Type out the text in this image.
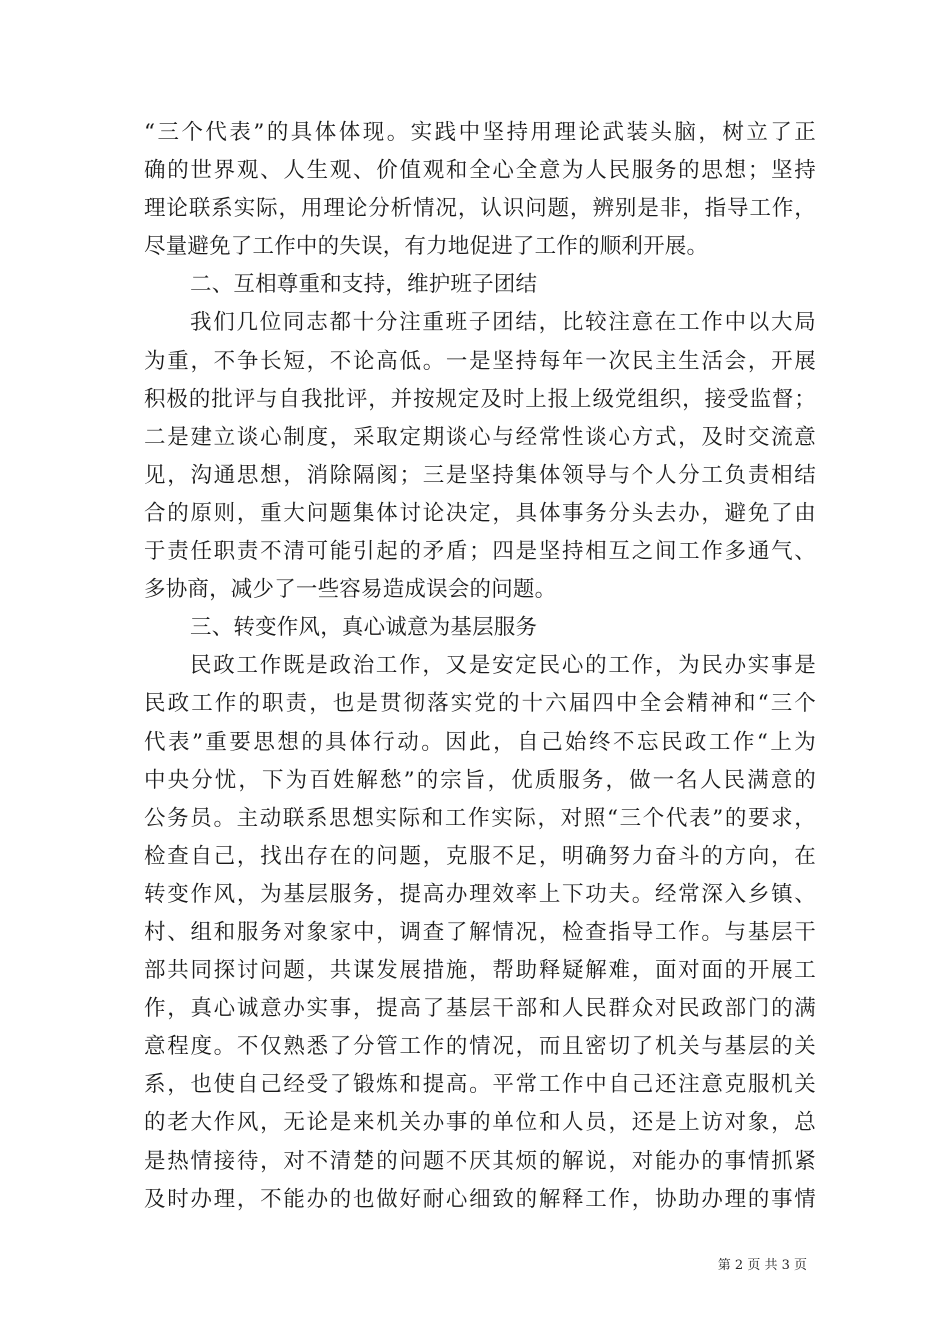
“三个代表”的具体体现。实践中坚持用理论武装头脑，树立了正
确的世界观、人生观、价值观和全心全意为人民服务的思想；坚持
理论联系实际，用理论分析情况，认识问题，辨别是非，指导工作，
尽量避免了工作中的失误，有力地促进了工作的顺利开展。
二、互相尊重和支持，维护班子团结
我们几位同志都十分注重班子团结，比较注意在工作中以大局
为重，不争长短，不论高低。一是坚持每年一次民主生活会，开展
积极的批评与自我批评，并按规定及时上报上级党组织，接受监督；
二是建立谈心制度，采取定期谈心与经常性谈心方式，及时交流意
见，沟通思想，消除隔阂；三是坚持集体领导与个人分工负责相结
合的原则，重大问题集体讨论决定，具体事务分头去办，避免了由
于责任职责不清可能引起的矛盾；四是坚持相互之间工作多通气、
多协商，减少了一些容易造成误会的问题。
三、转变作风，真心诚意为基层服务
民政工作既是政治工作，又是安定民心的工作，为民办实事是
民政工作的职责，也是贯彻落实党的十六届四中全会精神和“三个
代表”重要思想的具体行动。因此，自己始终不忘民政工作“上为
中央分忧，下为百姓解愁”的宗旨，优质服务，做一名人民满意的
公务员。主动联系思想实际和工作实际，对照“三个代表”的要求，
检查自己，找出存在的问题，克服不足，明确努力奋斗的方向，在
转变作风，为基层服务，提高办理效率上下功夫。经常深入乡镇、
村、组和服务对象家中，调查了解情况，检查指导工作。与基层干
部共同探讨问题，共谋发展措施，帮助释疑解难，面对面的开展工
作，真心诚意办实事，提高了基层干部和人民群众对民政部门的满
意程度。不仅熟悉了分管工作的情况，而且密切了机关与基层的关
系，也使自己经受了锻炼和提高。平常工作中自己还注意克服机关
的老大作风，无论是来机关办事的单位和人员，还是上访对象，总
是热情接待，对不清楚的问题不厌其烦的解说，对能办的事情抓紧
及时办理，不能办的也做好耐心细致的解释工作，协助办理的事情
第 2 页 共 3 页
